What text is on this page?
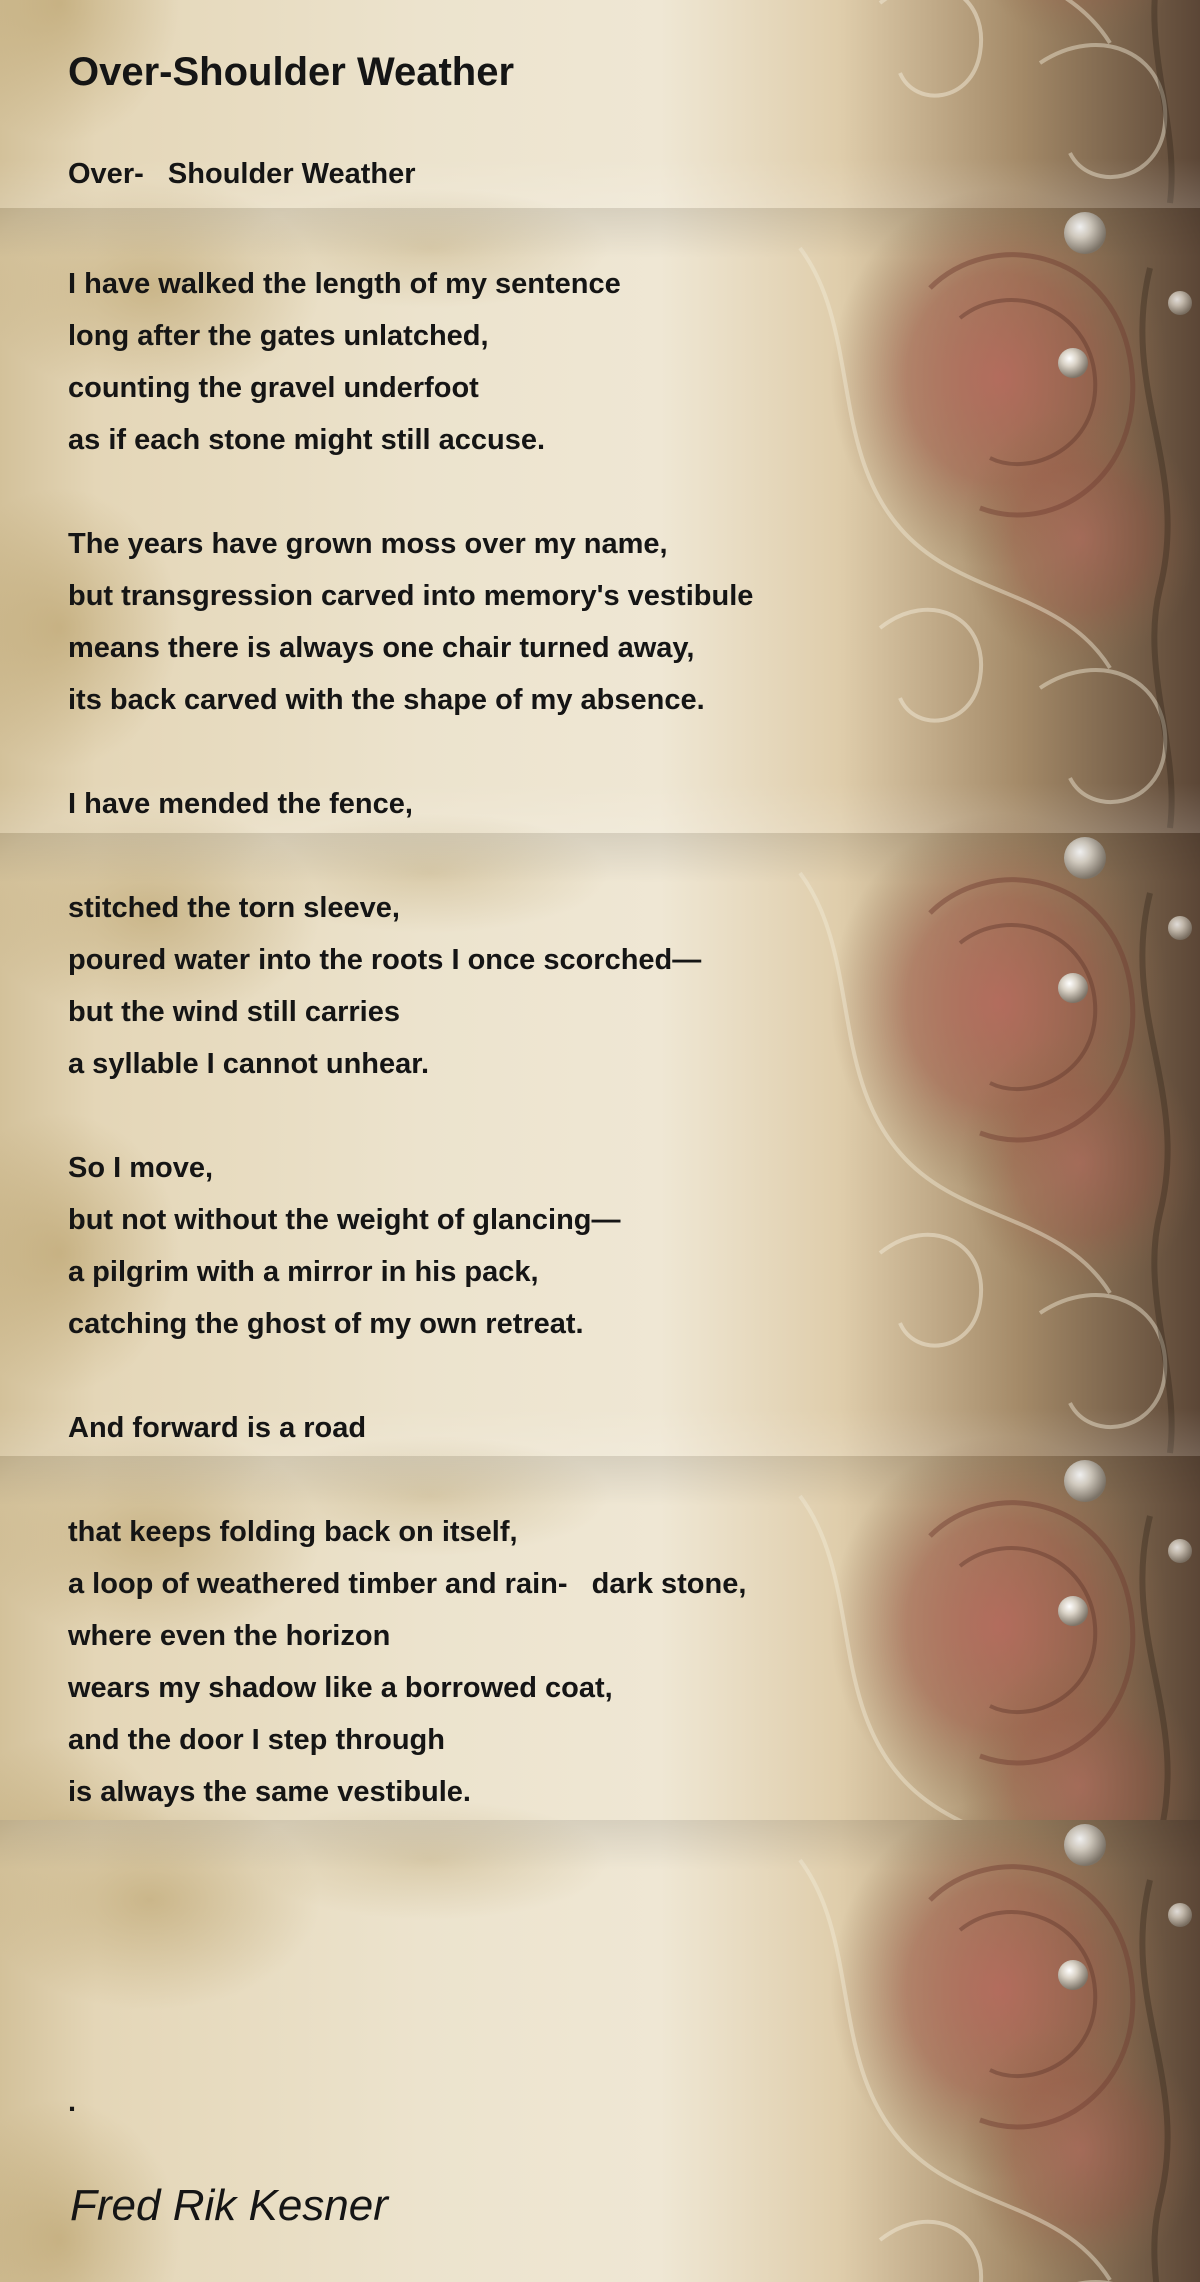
Over-Shoulder Weather
Over-   Shoulder Weather
I have walked the length of my sentence
long after the gates unlatched,
counting the gravel underfoot
as if each stone might still accuse.
The years have grown moss over my name,
but transgression carved into memory's vestibule
means there is always one chair turned away,
its back carved with the shape of my absence.
I have mended the fence,
stitched the torn sleeve,
poured water into the roots I once scorched—
but the wind still carries
a syllable I cannot unhear.
So I move,
but not without the weight of glancing—
a pilgrim with a mirror in his pack,
catching the ghost of my own retreat.
And forward is a road
that keeps folding back on itself,
a loop of weathered timber and rain-   dark stone,
where even the horizon
wears my shadow like a borrowed coat,
and the door I step through
is always the same vestibule.
.
Fred Rik Kesner
